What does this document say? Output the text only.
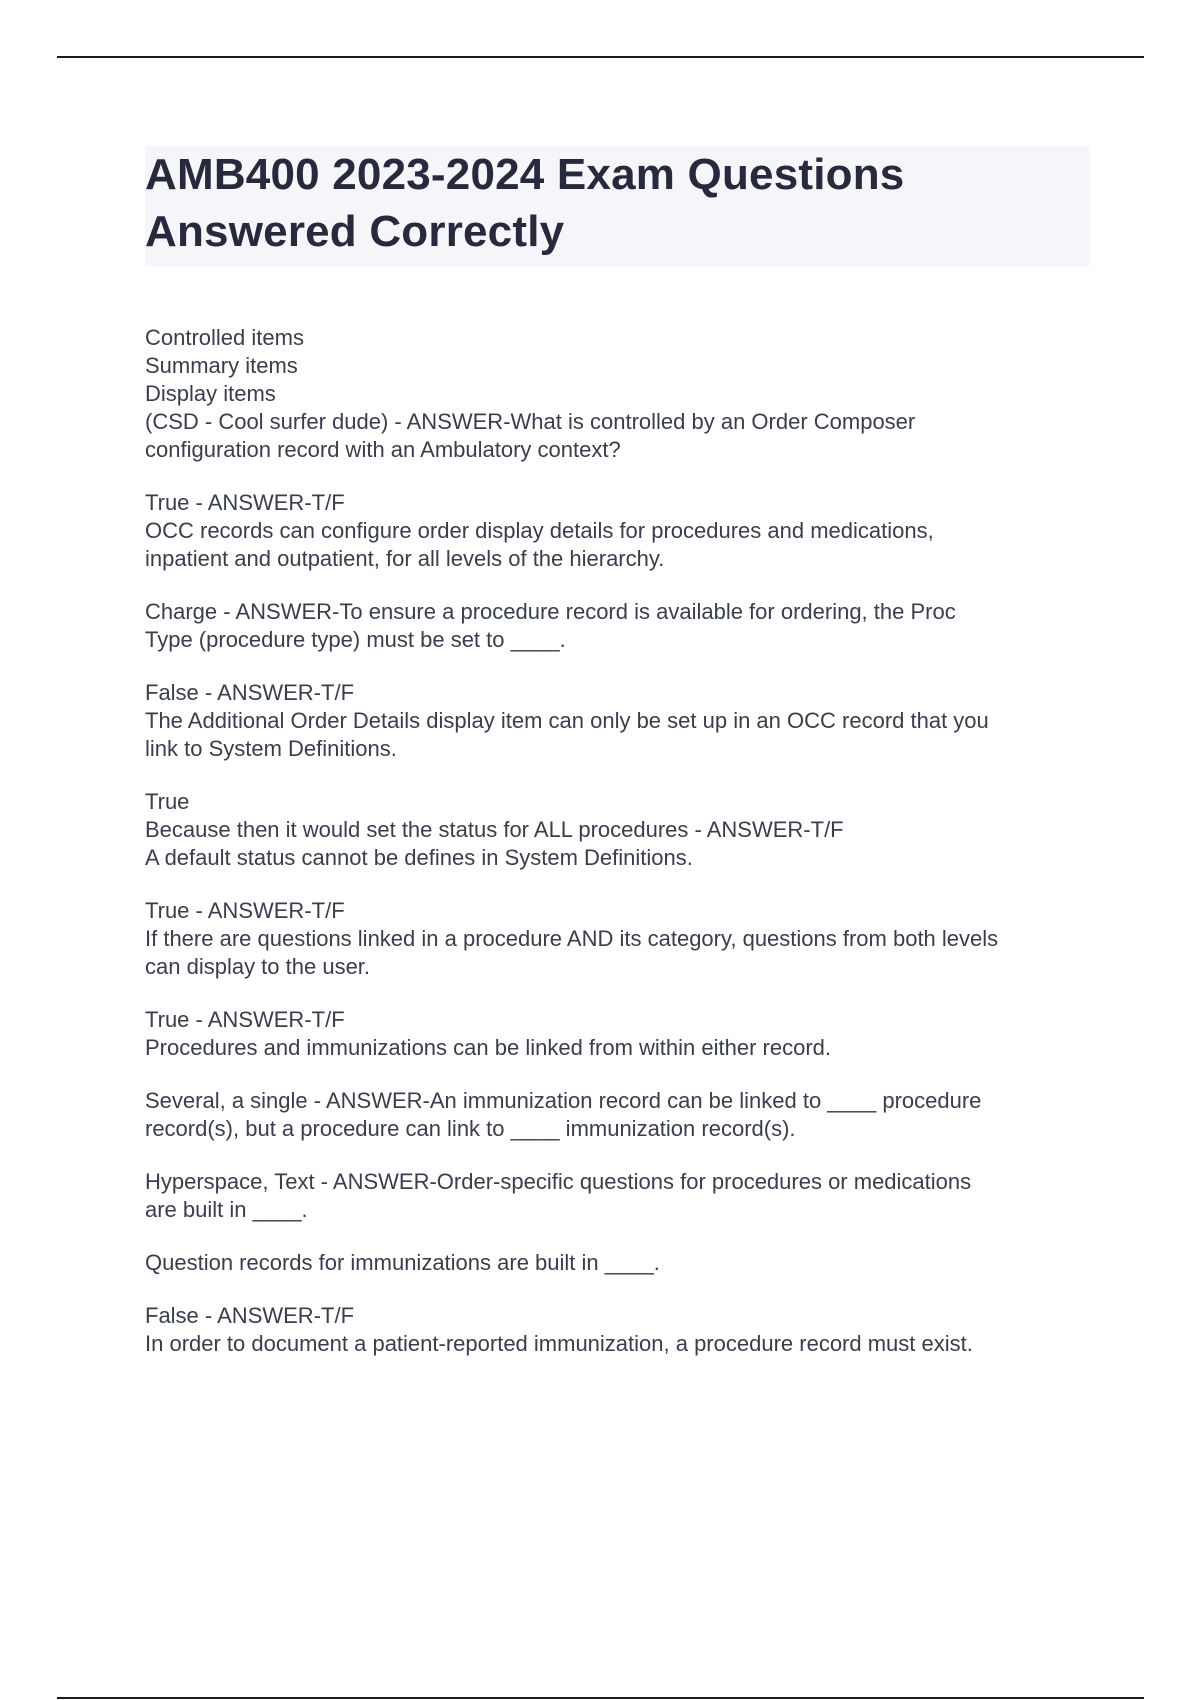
AMB400 2023-2024 Exam Questions
Answered Correctly
Controlled items
Summary items
Display items
(CSD - Cool surfer dude) - ANSWER-What is controlled by an Order Composer
configuration record with an Ambulatory context?
True - ANSWER-T/F
OCC records can configure order display details for procedures and medications,
inpatient and outpatient, for all levels of the hierarchy.
Charge - ANSWER-To ensure a procedure record is available for ordering, the Proc
Type (procedure type) must be set to ____.
False - ANSWER-T/F
The Additional Order Details display item can only be set up in an OCC record that you
link to System Definitions.
True
Because then it would set the status for ALL procedures - ANSWER-T/F
A default status cannot be defines in System Definitions.
True - ANSWER-T/F
If there are questions linked in a procedure AND its category, questions from both levels
can display to the user.
True - ANSWER-T/F
Procedures and immunizations can be linked from within either record.
Several, a single - ANSWER-An immunization record can be linked to ____ procedure
record(s), but a procedure can link to ____ immunization record(s).
Hyperspace, Text - ANSWER-Order-specific questions for procedures or medications
are built in ____.
Question records for immunizations are built in ____.
False - ANSWER-T/F
In order to document a patient-reported immunization, a procedure record must exist.
